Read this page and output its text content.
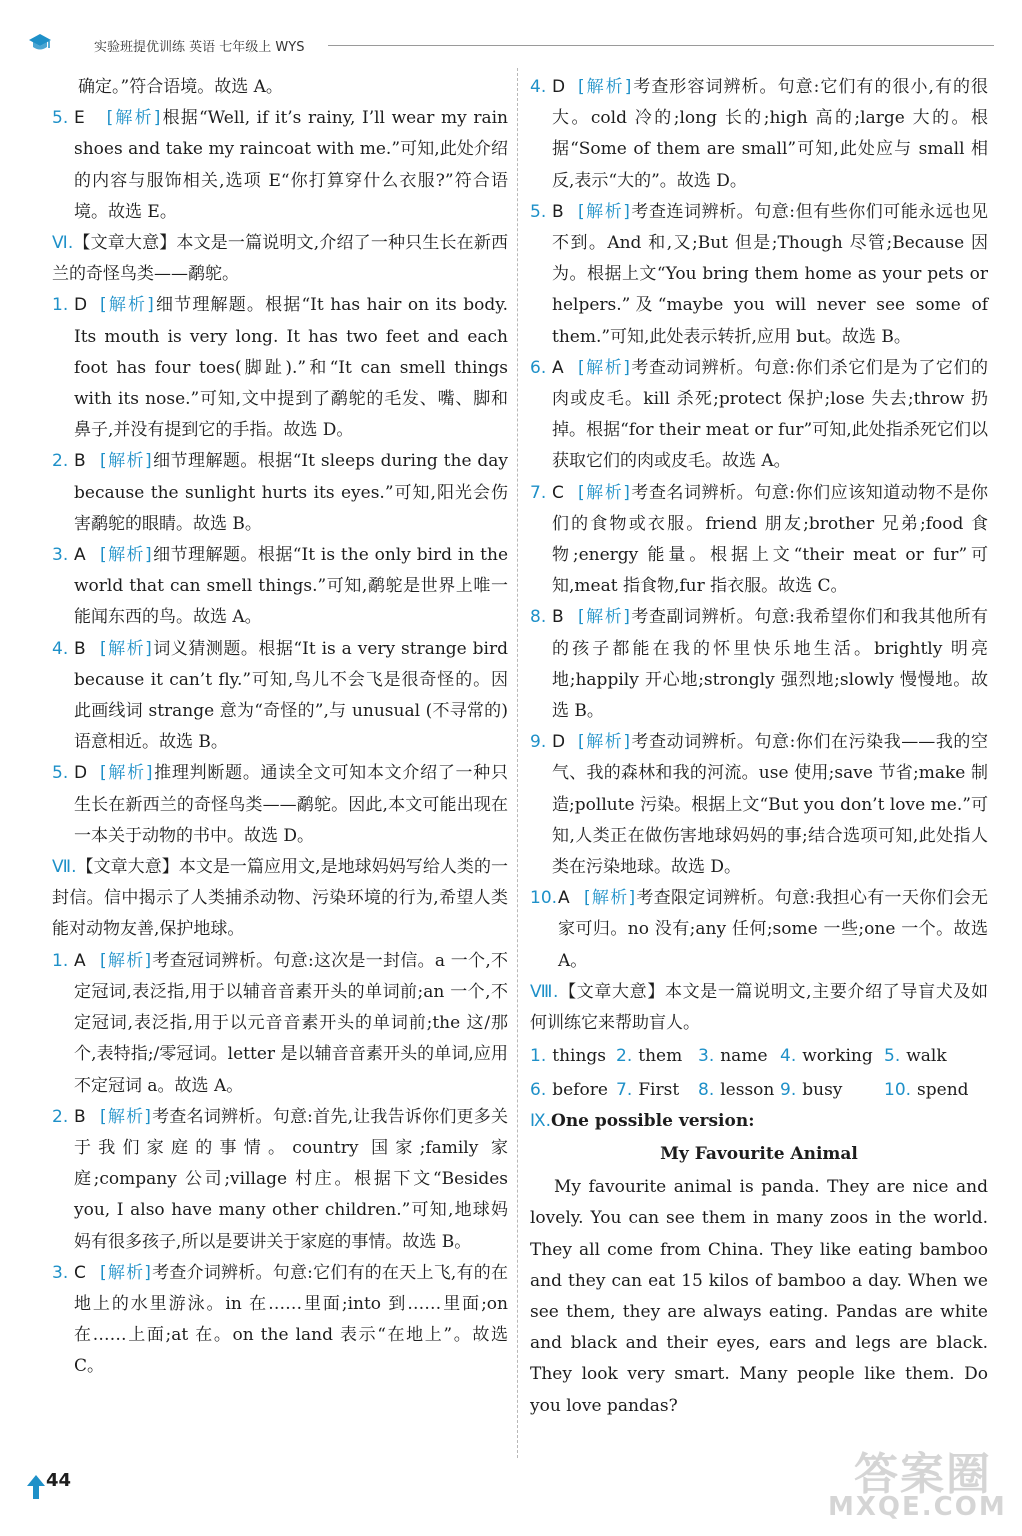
实验班提优训练 英语 七年级上 WYS
确定。”符合语境。故选 A。
5. E [解析]根据“Well, if it’s rainy, I’ll wear my rain shoes and take my raincoat with me.”可知,此处介绍的内容与服饰相关,选项 E“你打算穿什么衣服?”符合语境。故选 E。
Ⅵ.【文章大意】本文是一篇说明文,介绍了一种只生长在新西兰的奇怪鸟类——鹬鸵。
1. D [解析]细节理解题。根据“It has hair on its body. Its mouth is very long. It has two feet and each foot has four toes(脚趾).”和“It can smell things with its nose.”可知,文中提到了鹬鸵的毛发、嘴、脚和鼻子,并没有提到它的手指。故选 D。
2. B [解析]细节理解题。根据“It sleeps during the day because the sunlight hurts its eyes.”可知,阳光会伤害鹬鸵的眼睛。故选 B。
3. A [解析]细节理解题。根据“It is the only bird in the world that can smell things.”可知,鹬鸵是世界上唯一能闻东西的鸟。故选 A。
4. B [解析]词义猜测题。根据“It is a very strange bird because it can’t fly.”可知,鸟儿不会飞是很奇怪的。因此画线词 strange 意为“奇怪的”,与 unusual (不寻常的)语意相近。故选 B。
5. D [解析]推理判断题。通读全文可知本文介绍了一种只生长在新西兰的奇怪鸟类——鹬鸵。因此,本文可能出现在一本关于动物的书中。故选 D。
Ⅶ.【文章大意】本文是一篇应用文,是地球妈妈写给人类的一封信。信中揭示了人类捕杀动物、污染环境的行为,希望人类能对动物友善,保护地球。
1. A [解析]考查冠词辨析。句意:这次是一封信。a 一个,不定冠词,表泛指,用于以辅音音素开头的单词前;an 一个,不定冠词,表泛指,用于以元音音素开头的单词前;the 这/那个,表特指;/零冠词。letter 是以辅音音素开头的单词,应用不定冠词 a。故选 A。
2. B [解析]考查名词辨析。句意:首先,让我告诉你们更多关于我们家庭的事情。country 国家;family 家庭;company 公司;village 村庄。根据下文“Besides you, I also have many other children.”可知,地球妈妈有很多孩子,所以是要讲关于家庭的事情。故选 B。
3. C [解析]考查介词辨析。句意:它们有的在天上飞,有的在地上的水里游泳。in 在……里面;into 到……里面;on 在……上面;at 在。on the land 表示“在地上”。故选 C。
4. D [解析]考查形容词辨析。句意:它们有的很小,有的很大。cold 冷的;long 长的;high 高的;large 大的。根据“Some of them are small”可知,此处应与 small 相反,表示“大的”。故选 D。
5. B [解析]考查连词辨析。句意:但有些你们可能永远也见不到。And 和,又;But 但是;Though 尽管;Because 因为。根据上文“You bring them home as your pets or helpers.”及“maybe you will never see some of them.”可知,此处表示转折,应用 but。故选 B。
6. A [解析]考查动词辨析。句意:你们杀它们是为了它们的肉或皮毛。kill 杀死;protect 保护;lose 失去;throw 扔掉。根据“for their meat or fur”可知,此处指杀死它们以获取它们的肉或皮毛。故选 A。
7. C [解析]考查名词辨析。句意:你们应该知道动物不是你们的食物或衣服。friend 朋友;brother 兄弟;food 食物;energy 能量。根据上文“their meat or fur”可知,meat 指食物,fur 指衣服。故选 C。
8. B [解析]考查副词辨析。句意:我希望你们和我其他所有的孩子都能在我的怀里快乐地生活。brightly 明亮地;happily 开心地;strongly 强烈地;slowly 慢慢地。故选 B。
9. D [解析]考查动词辨析。句意:你们在污染我——我的空气、我的森林和我的河流。use 使用;save 节省;make 制造;pollute 污染。根据上文“But you don’t love me.”可知,人类正在做伤害地球妈妈的事;结合选项可知,此处指人类在污染地球。故选 D。
10. A [解析]考查限定词辨析。句意:我担心有一天你们会无家可归。no 没有;any 任何;some 一些;one 一个。故选 A。
Ⅷ.【文章大意】本文是一篇说明文,主要介绍了导盲犬及如何训练它来帮助盲人。
1. things 2. them 3. name 4. working 5. walk
6. before 7. First	8. lesson 9. busy	10. spend
Ⅸ.One possible version:
My Favourite Animal
My favourite animal is panda. They are nice and lovely. You can see them in many zoos in the world. They all come from China. They like eating bamboo and they can eat 15 kilos of bamboo a day. When we see them, they are always eating. Pandas are white and black and their eyes, ears and legs are black. They look very smart. Many people like them. Do you love pandas?
44	答案圈
MXQE.COM
